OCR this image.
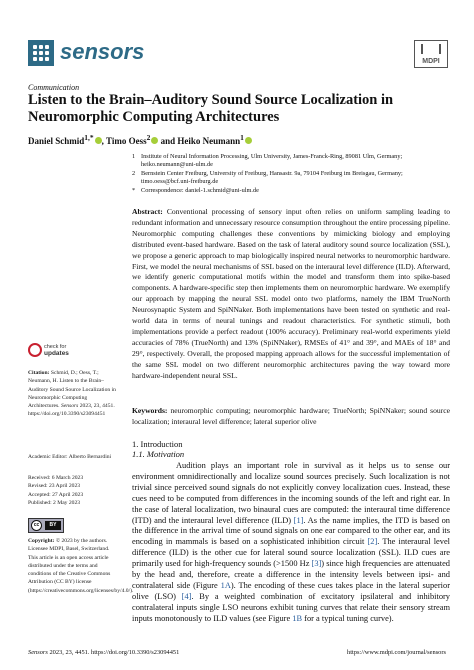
sensors	MDPI
Communication
Listen to the Brain–Auditory Sound Source Localization in Neuromorphic Computing Architectures
Daniel Schmid$^{1,*}$ , Timo Oess$^2$ and Heiko Neumann$^1$
1 Institute of Neural Information Processing, Ulm University, James-Franck-Ring, 89081 Ulm, Germany; heiko.neumann@uni-ulm.de
2 Bernstein Center Freiburg, University of Freiburg, Hansastr. 9a, 79104 Freiburg im Breisgau, Germany; timo.oess@bcf.uni-freiburg.de
* Correspondence: daniel-1.schmid@uni-ulm.de

Abstract: Conventional processing of sensory input often relies on uniform sampling leading to redundant information and unnecessary resource consumption throughout the entire processing pipeline. Neuromorphic computing challenges these conventions by mimicking biology and employing distributed event-based hardware. Based on the task of lateral auditory sound source localization (SSL), we propose a generic approach to map biologically inspired neural networks to neuromorphic hardware. First, we model the neural mechanisms of SSL based on the interaural level difference (ILD). Afterward, we identify generic computational motifs within the model and transform them into spike-based components. A hardware-specific step then implements them on neuromorphic hardware. We exemplify our approach by mapping the neural SSL model onto two platforms, namely the IBM TrueNorth Neurosynaptic System and SpiNNaker. Both implementations have been tested on synthetic and real-world data in terms of neural tunings and readout characteristics. For synthetic stimuli, both implementations provide a perfect readout (100% accuracy). Preliminary real-world experiments yield accuracies of 78% (TrueNorth) and 13% (SpiNNaker), RMSEs of 41° and 39°, and MAEs of 18° and 29°, respectively. Overall, the proposed mapping approach allows for the successful implementation of the same SSL model on two different neuromorphic architectures paving the way toward more hardware-independent neural SSL.

Keywords: neuromorphic computing; neuromorphic hardware; TrueNorth; SpiNNaker; sound source localization; interaural level difference; lateral superior olive

check for
updates

Citation: Schmid, D.; Oess, T.; Neumann, H. Listen to the Brain–Auditory Sound Source Localization in Neuromorphic Computing Architectures. Sensors 2023, 23, 4451. https://doi.org/10.3390/s23094451

Academic Editor: Alberto Bernardini

Received: 6 March 2023
Revised: 23 April 2023
Accepted: 27 April 2023
Published: 2 May 2023
cc	BY

Copyright: © 2023 by the authors. Licensee MDPI, Basel, Switzerland. This article is an open access article distributed under the terms and conditions of the Creative Commons Attribution (CC BY) license (https://creativecommons.org/licenses/by/4.0/).

1. Introduction
1.1. Motivation

Audition plays an important role in survival as it helps us to sense our environment omnidirectionally and localize sound sources precisely. Such localization is not trivial since perceived sound signals do not explicitly convey localization cues. Instead, these cues need to be computed from differences in the incoming sounds of the left and right ear. In the case of lateral localization, two binaural cues are computed: the interaural time difference (ITD) and the interaural level difference (ILD) [1]. As the name implies, the ITD is based on the difference in the arrival time of sound signals on one ear compared to the other ear, and its encoding in mammals is based on a sophisticated inhibition circuit [2]. The interaural level difference (ILD) is the other cue for lateral sound source localization (SSL). ILD cues are primarily used for high-frequency sounds (>1500 Hz [3]) since high frequencies are attenuated by the head and, therefore, create a difference in the intensity levels between ipsi- and contralateral side (Figure 1A). The encoding of these cues takes place in the lateral superior olive (LSO) [4]. By a weighted combination of excitatory ipsilateral and inhibitory contralateral inputs single LSO neurons exhibit tuning curves that relate their sensory stream inputs monotonously to ILD values (see Figure 1B for a typical tuning curve).

Sensors 2023, 23, 4451. https://doi.org/10.3390/s23094451	https://www.mdpi.com/journal/sensors
